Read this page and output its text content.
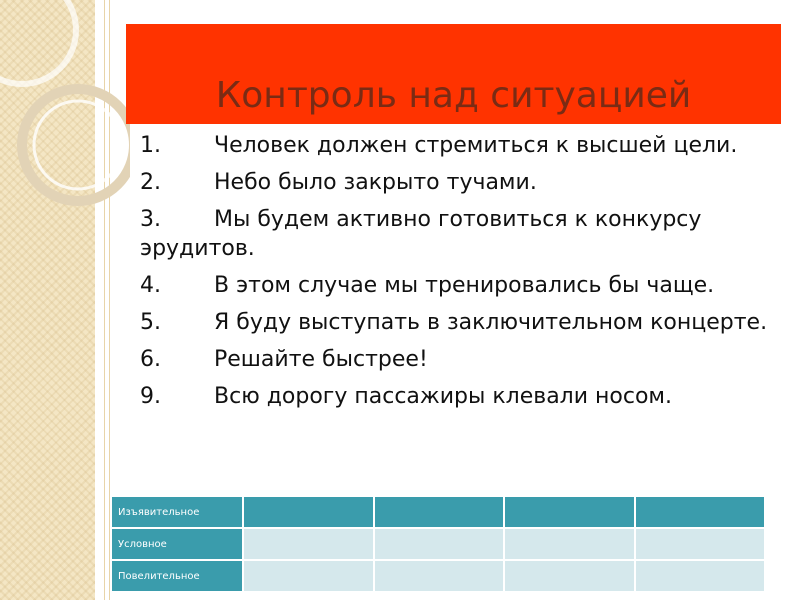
Контроль над ситуацией
1. Человек должен стремиться к высшей цели.
2. Небо было закрыто тучами.
3. Мы будем активно готовиться к конкурсу эрудитов.
4. В этом случае мы тренировались бы чаще.
5. Я буду выступать в заключительном концерте.
6. Решайте быстрее!
9. Всю дорогу пассажиры клевали носом.
Изъявительное				
Условное				
Повелительное				
